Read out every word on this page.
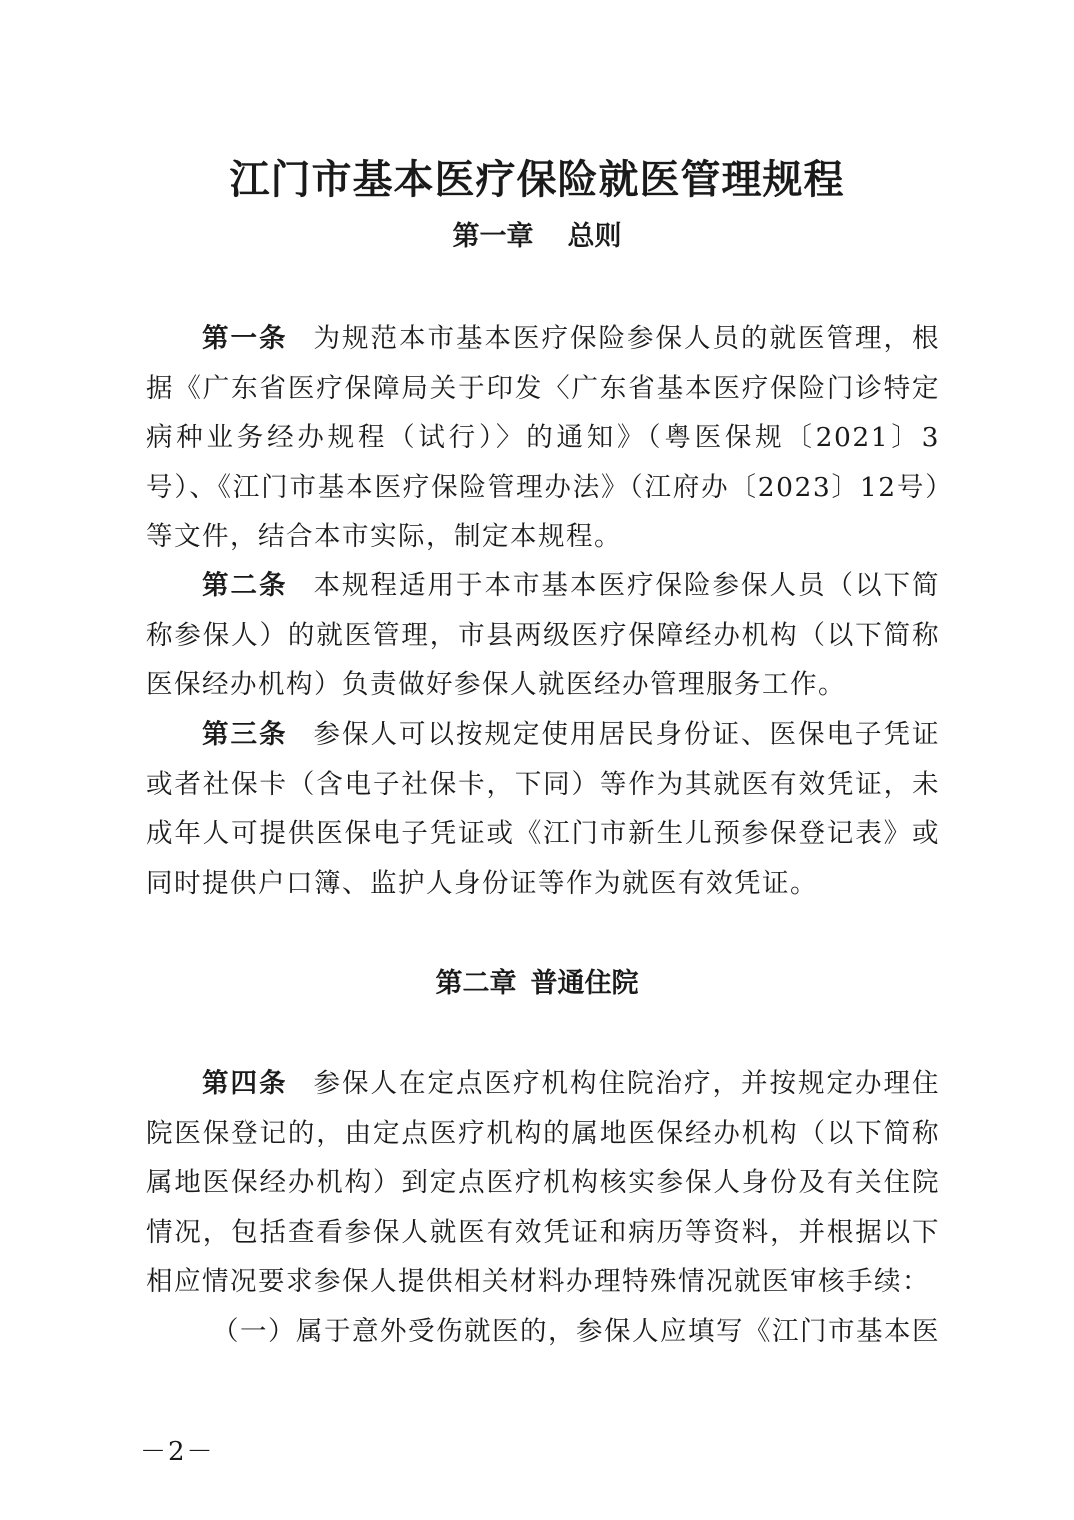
江门市基本医疗保险就医管理规程
第一章 总则

第一条 为规范本市基本医疗保险参保人员的就医管理，根据《广东省医疗保障局关于印发〈广东省基本医疗保险门诊特定病种业务经办规程（试行）〉的通知》（粤医保规〔2021〕3号）、《江门市基本医疗保险管理办法》（江府办〔2023〕12号）等文件，结合本市实际，制定本规程。

第二条 本规程适用于本市基本医疗保险参保人员（以下简称参保人）的就医管理，市县两级医疗保障经办机构（以下简称医保经办机构）负责做好参保人就医经办管理服务工作。

第三条 参保人可以按规定使用居民身份证、医保电子凭证或者社保卡（含电子社保卡，下同）等作为其就医有效凭证，未成年人可提供医保电子凭证或《江门市新生儿预参保登记表》或同时提供户口簿、监护人身份证等作为就医有效凭证。

第二章 普通住院

第四条 参保人在定点医疗机构住院治疗，并按规定办理住院医保登记的，由定点医疗机构的属地医保经办机构（以下简称属地医保经办机构）到定点医疗机构核实参保人身份及有关住院情况，包括查看参保人就医有效凭证和病历等资料，并根据以下相应情况要求参保人提供相关材料办理特殊情况就医审核手续：

（一）属于意外受伤就医的，参保人应填写《江门市基本医

－2－
